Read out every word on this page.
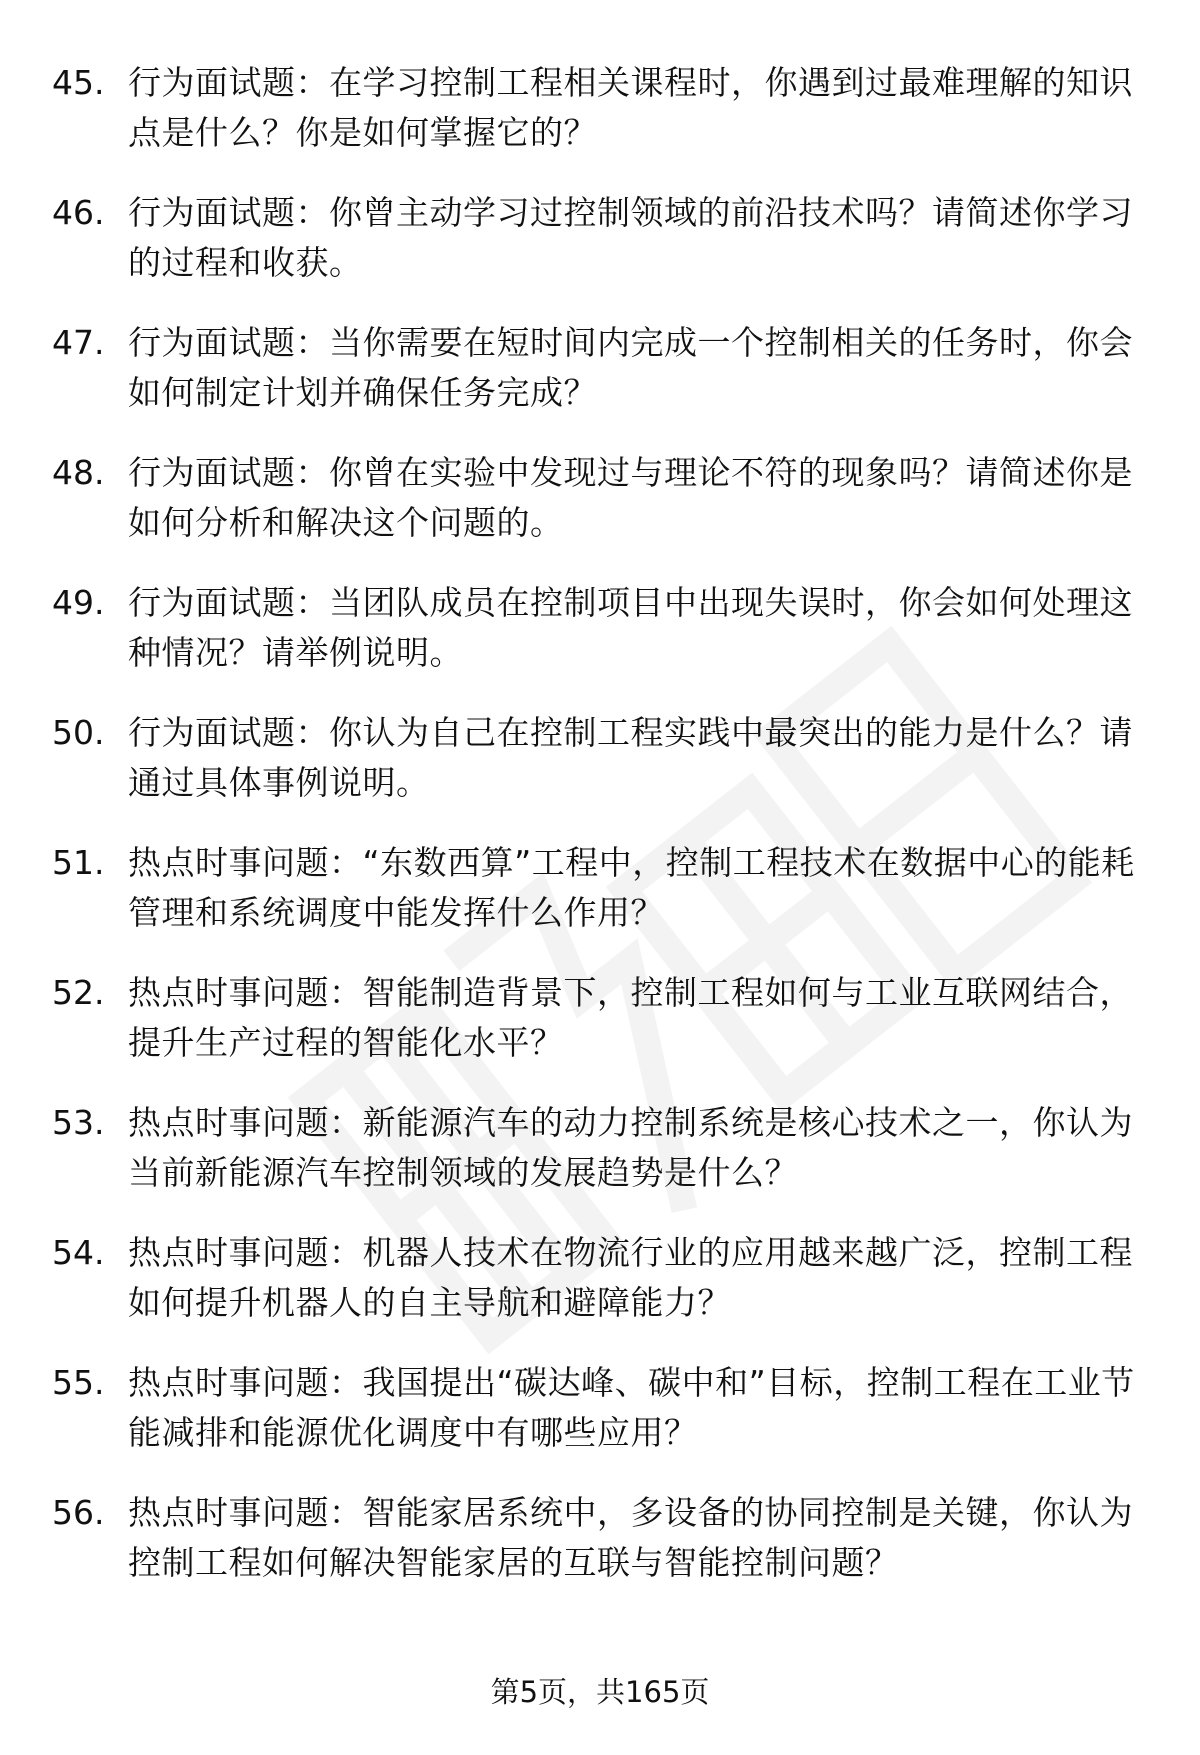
45. 行为面试题：在学习控制工程相关课程时，你遇到过最难理解的知识点是什么？你是如何掌握它的？
46. 行为面试题：你曾主动学习过控制领域的前沿技术吗？请简述你学习的过程和收获。
47. 行为面试题：当你需要在短时间内完成一个控制相关的任务时，你会如何制定计划并确保任务完成？
48. 行为面试题：你曾在实验中发现过与理论不符的现象吗？请简述你是如何分析和解决这个问题的。
49. 行为面试题：当团队成员在控制项目中出现失误时，你会如何处理这种情况？请举例说明。
50. 行为面试题：你认为自己在控制工程实践中最突出的能力是什么？请通过具体事例说明。
51. 热点时事问题：“东数西算”工程中，控制工程技术在数据中心的能耗管理和系统调度中能发挥什么作用？
52. 热点时事问题：智能制造背景下，控制工程如何与工业互联网结合，提升生产过程的智能化水平？
53. 热点时事问题：新能源汽车的动力控制系统是核心技术之一，你认为当前新能源汽车控制领域的发展趋势是什么？
54. 热点时事问题：机器人技术在物流行业的应用越来越广泛，控制工程如何提升机器人的自主导航和避障能力？
55. 热点时事问题：我国提出“碳达峰、碳中和”目标，控制工程在工业节能减排和能源优化调度中有哪些应用？
56. 热点时事问题：智能家居系统中，多设备的协同控制是关键，你认为控制工程如何解决智能家居的互联与智能控制问题？
第5页，共165页
